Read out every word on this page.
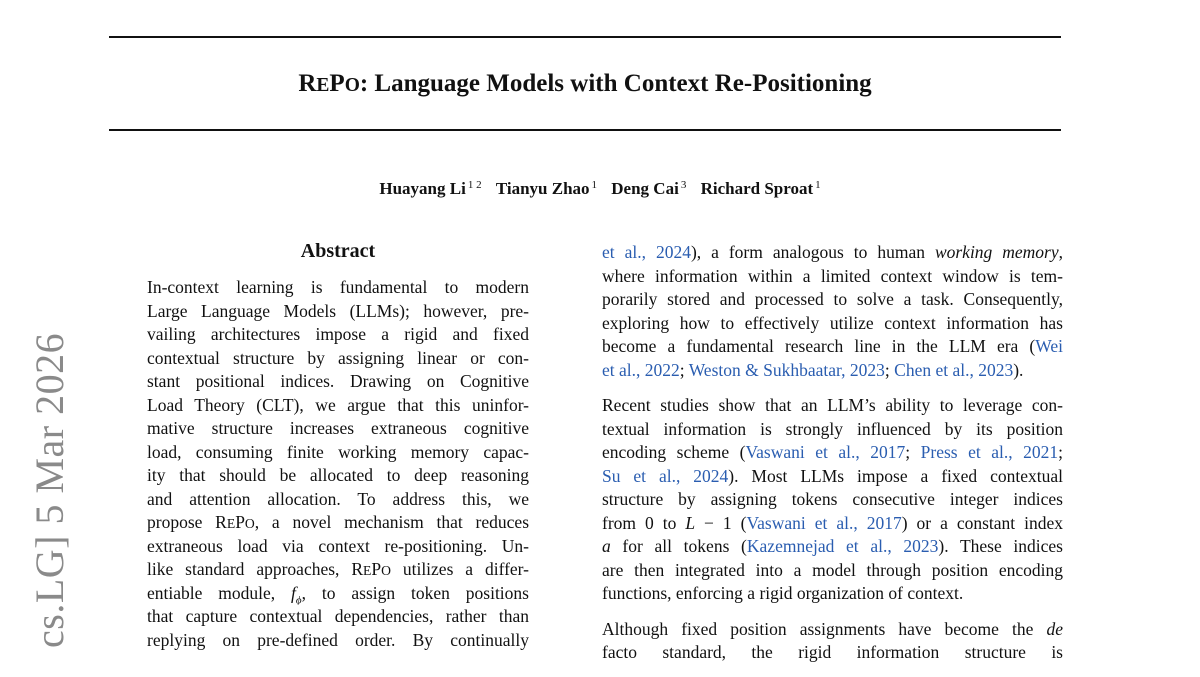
REPO: Language Models with Context Re-Positioning
Huayang Li $^{1 2}$ Tianyu Zhao $^1$ Deng Cai $^3$ Richard Sproat $^1$
cs.LG] 5 Mar 2026
Abstract
In-context learning is fundamental to modern
Large Language Models (LLMs); however, pre-
vailing architectures impose a rigid and fixed
contextual structure by assigning linear or con-
stant positional indices. Drawing on Cognitive
Load Theory (CLT), we argue that this uninfor-
mative structure increases extraneous cognitive
load, consuming finite working memory capac-
ity that should be allocated to deep reasoning
and attention allocation. To address this, we
propose REPO, a novel mechanism that reduces
extraneous load via context re-positioning. Un-
like standard approaches, REPO utilizes a differ-
entiable module, $f_\phi$, to assign token positions
that capture contextual dependencies, rather than
replying on pre-defined order. By continually
et al., 2024), a form analogous to human working memory,
where information within a limited context window is tem-
porarily stored and processed to solve a task. Consequently,
exploring how to effectively utilize context information has
become a fundamental research line in the LLM era (Wei
et al., 2022; Weston & Sukhbaatar, 2023; Chen et al., 2023).
Recent studies show that an LLM’s ability to leverage con-
textual information is strongly influenced by its position
encoding scheme (Vaswani et al., 2017; Press et al., 2021;
Su et al., 2024). Most LLMs impose a fixed contextual
structure by assigning tokens consecutive integer indices
from 0 to L − 1 (Vaswani et al., 2017) or a constant index
a for all tokens (Kazemnejad et al., 2023). These indices
are then integrated into a model through position encoding
functions, enforcing a rigid organization of context.
Although fixed position assignments have become the de
facto standard, the rigid information structure is
